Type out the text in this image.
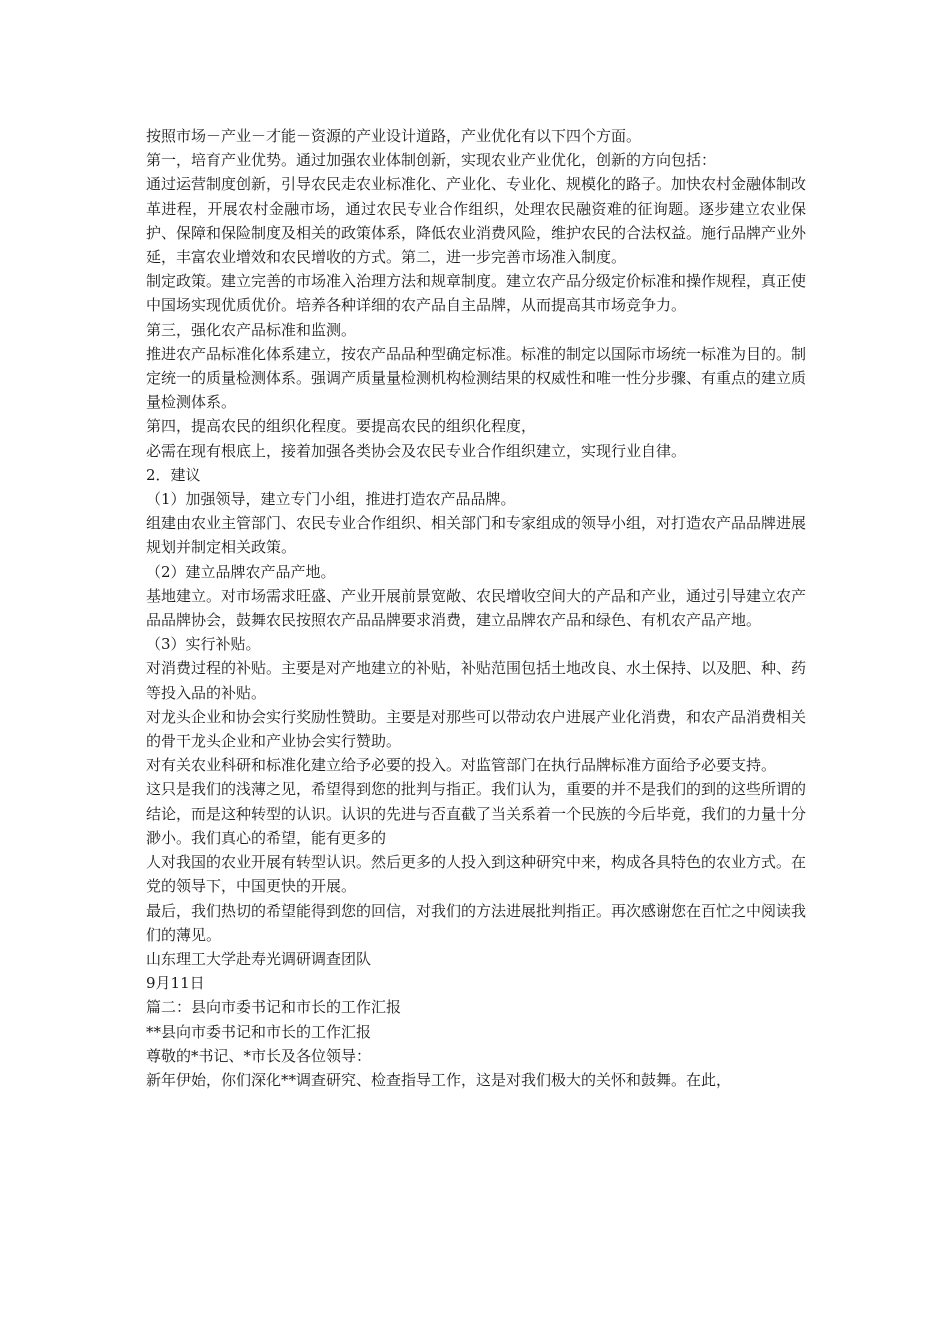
按照市场－产业－才能－资源的产业设计道路，产业优化有以下四个方面。

第一，培育产业优势。通过加强农业体制创新，实现农业产业优化，创新的方向包括：

通过运营制度创新，引导农民走农业标准化、产业化、专业化、规模化的路子。加快农村金融体制改革进程，开展农村金融市场，通过农民专业合作组织，处理农民融资难的征询题。逐步建立农业保护、保障和保险制度及相关的政策体系，降低农业消费风险，维护农民的合法权益。施行品牌产业外延，丰富农业增效和农民增收的方式。第二，进一步完善市场准入制度。

制定政策。建立完善的市场准入治理方法和规章制度。建立农产品分级定价标准和操作规程，真正使中国场实现优质优价。培养各种详细的农产品自主品牌，从而提高其市场竞争力。

第三，强化农产品标准和监测。

推进农产品标准化体系建立，按农产品品种型确定标准。标准的制定以国际市场统一标准为目的。制定统一的质量检测体系。强调产质量量检测机构检测结果的权威性和唯一性分步骤、有重点的建立质量检测体系。

第四，提高农民的组织化程度。要提高农民的组织化程度，

必需在现有根底上，接着加强各类协会及农民专业合作组织建立，实现行业自律。

2．建议

（1）加强领导，建立专门小组，推进打造农产品品牌。

组建由农业主管部门、农民专业合作组织、相关部门和专家组成的领导小组，对打造农产品品牌进展规划并制定相关政策。

（2）建立品牌农产品产地。

基地建立。对市场需求旺盛、产业开展前景宽敞、农民增收空间大的产品和产业，通过引导建立农产品品牌协会，鼓舞农民按照农产品品牌要求消费，建立品牌农产品和绿色、有机农产品产地。

（3）实行补贴。

对消费过程的补贴。主要是对产地建立的补贴，补贴范围包括土地改良、水土保持、以及肥、种、药等投入品的补贴。

对龙头企业和协会实行奖励性赞助。主要是对那些可以带动农户进展产业化消费，和农产品消费相关的骨干龙头企业和产业协会实行赞助。

对有关农业科研和标准化建立给予必要的投入。对监管部门在执行品牌标准方面给予必要支持。

这只是我们的浅薄之见，希望得到您的批判与指正。我们认为，重要的并不是我们的到的这些所谓的结论，而是这种转型的认识。认识的先进与否直截了当关系着一个民族的今后毕竟，我们的力量十分渺小。我们真心的希望，能有更多的

人对我国的农业开展有转型认识。然后更多的人投入到这种研究中来，构成各具特色的农业方式。在党的领导下，中国更快的开展。

最后，我们热切的希望能得到您的回信，对我们的方法进展批判指正。再次感谢您在百忙之中阅读我们的薄见。

山东理工大学赴寿光调研调查团队

9月11日

篇二：县向市委书记和市长的工作汇报

**县向市委书记和市长的工作汇报

尊敬的*书记、*市长及各位领导：

新年伊始，你们深化**调查研究、检查指导工作，这是对我们极大的关怀和鼓舞。在此，
